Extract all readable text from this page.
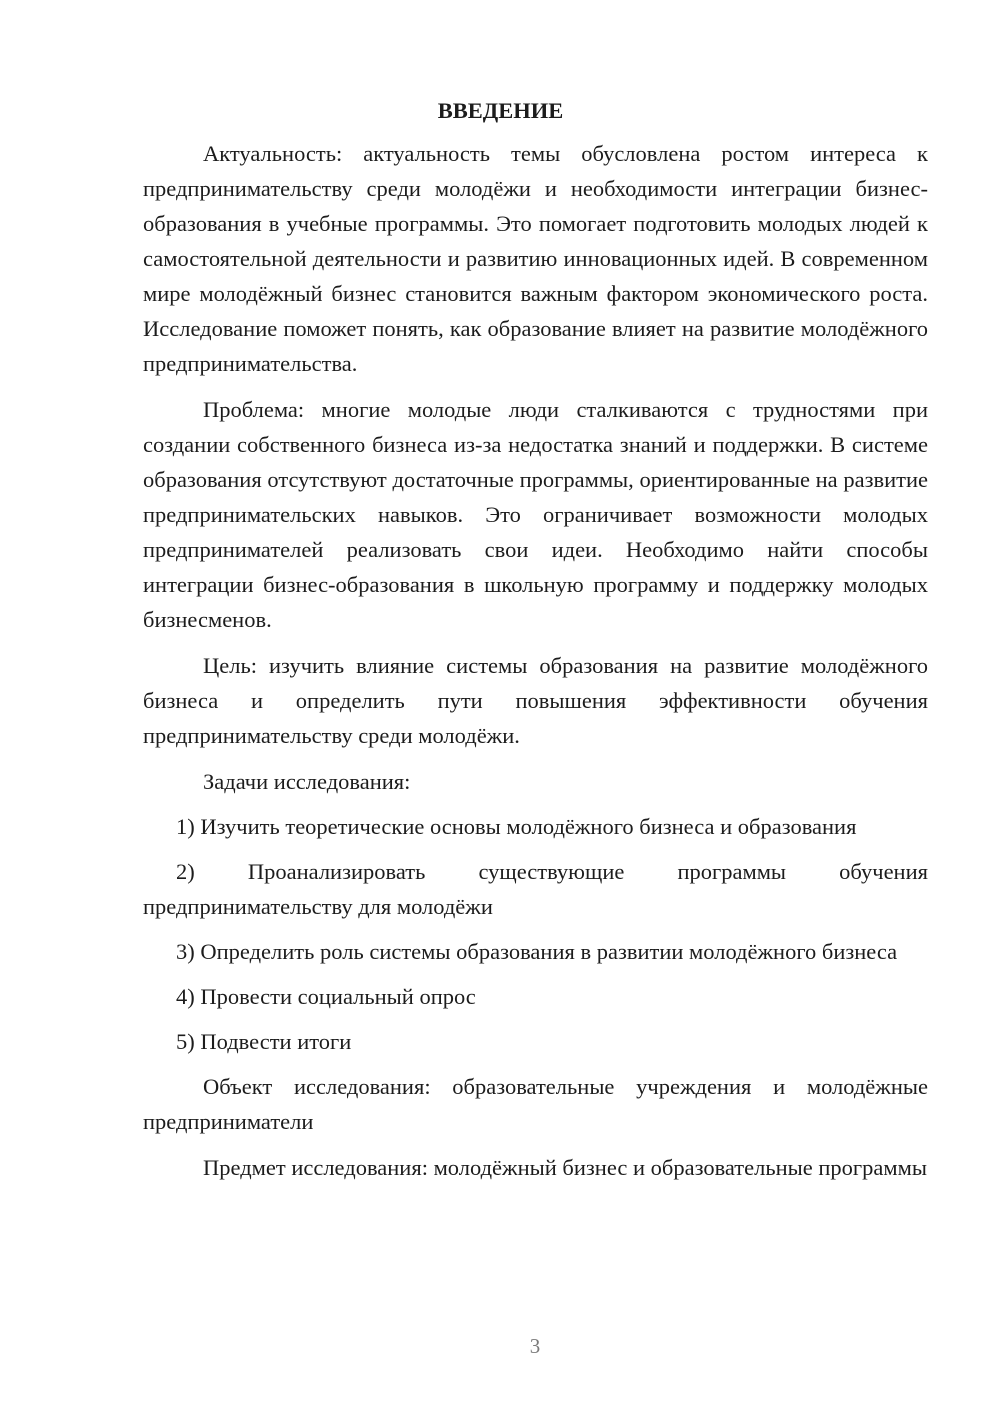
ВВЕДЕНИЕ

Актуальность: актуальность темы обусловлена ростом интереса к предпринимательству среди молодёжи и необходимости интеграции бизнес-образования в учебные программы. Это помогает подготовить молодых людей к самостоятельной деятельности и развитию инновационных идей. В современном мире молодёжный бизнес становится важным фактором экономического роста. Исследование поможет понять, как образование влияет на развитие молодёжного предпринимательства.

Проблема: многие молодые люди сталкиваются с трудностями при создании собственного бизнеса из-за недостатка знаний и поддержки. В системе образования отсутствуют достаточные программы, ориентированные на развитие предпринимательских навыков. Это ограничивает возможности молодых предпринимателей реализовать свои идеи. Необходимо найти способы интеграции бизнес-образования в школьную программу и поддержку молодых бизнесменов.

Цель: изучить влияние системы образования на развитие молодёжного бизнеса и определить пути повышения эффективности обучения предпринимательству среди молодёжи.

Задачи исследования:

1) Изучить теоретические основы молодёжного бизнеса и образования

2) Проанализировать существующие программы обучения предпринимательству для молодёжи

3) Определить роль системы образования в развитии молодёжного бизнеса

4) Провести социальный опрос

5) Подвести итоги

Объект исследования: образовательные учреждения и молодёжные предприниматели

Предмет исследования: молодёжный бизнес и образовательные программы

3
